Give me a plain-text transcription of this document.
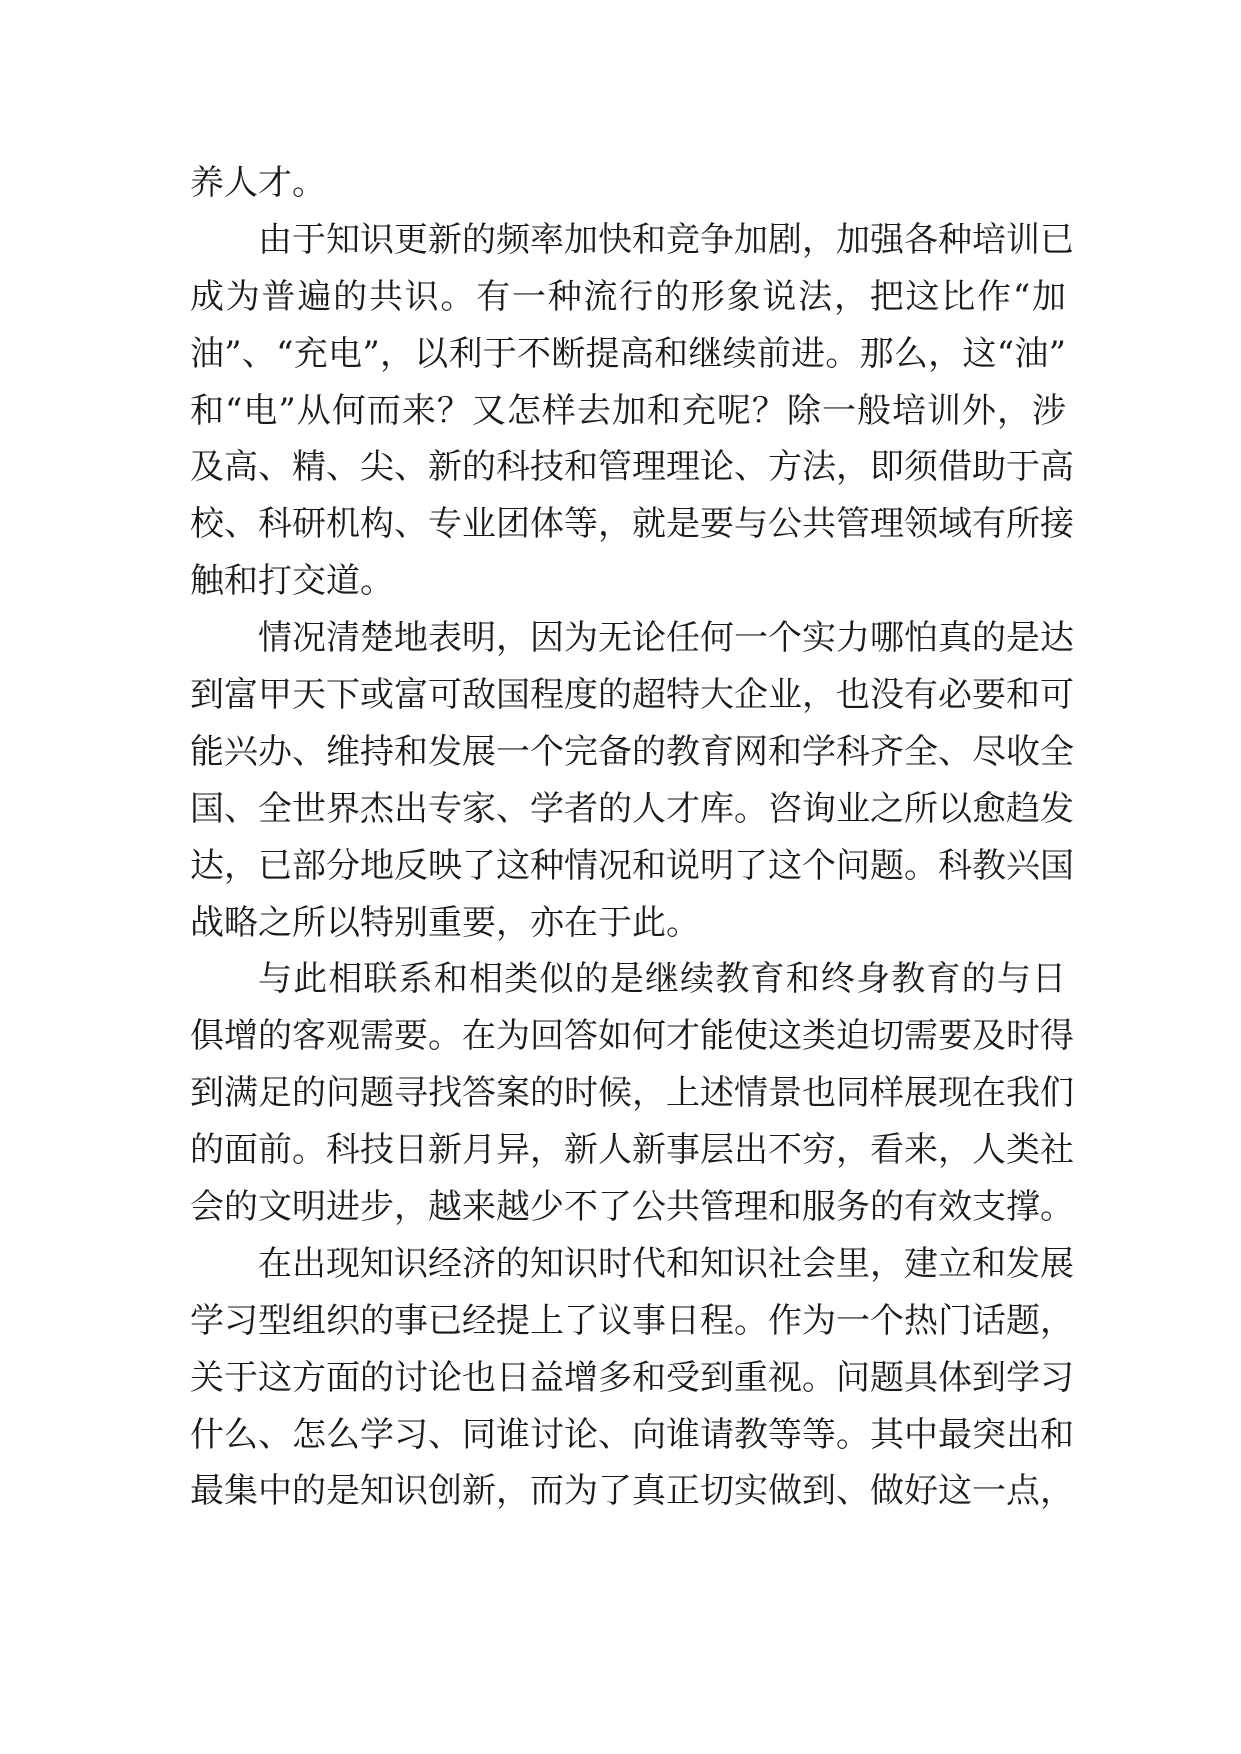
养人才。
由于知识更新的频率加快和竞争加剧，加强各种培训已
成为普遍的共识。有一种流行的形象说法，把这比作“加
油”、“充电”，以利于不断提高和继续前进。那么，这“油”
和“电”从何而来？又怎样去加和充呢？除一般培训外，涉
及高、精、尖、新的科技和管理理论、方法，即须借助于高
校、科研机构、专业团体等，就是要与公共管理领域有所接
触和打交道。
情况清楚地表明，因为无论任何一个实力哪怕真的是达
到富甲天下或富可敌国程度的超特大企业，也没有必要和可
能兴办、维持和发展一个完备的教育网和学科齐全、尽收全
国、全世界杰出专家、学者的人才库。咨询业之所以愈趋发
达，已部分地反映了这种情况和说明了这个问题。科教兴国
战略之所以特别重要，亦在于此。
与此相联系和相类似的是继续教育和终身教育的与日
俱增的客观需要。在为回答如何才能使这类迫切需要及时得
到满足的问题寻找答案的时候，上述情景也同样展现在我们
的面前。科技日新月异，新人新事层出不穷，看来，人类社
会的文明进步，越来越少不了公共管理和服务的有效支撑。
在出现知识经济的知识时代和知识社会里，建立和发展
学习型组织的事已经提上了议事日程。作为一个热门话题，
关于这方面的讨论也日益增多和受到重视。问题具体到学习
什么、怎么学习、同谁讨论、向谁请教等等。其中最突出和
最集中的是知识创新，而为了真正切实做到、做好这一点，
